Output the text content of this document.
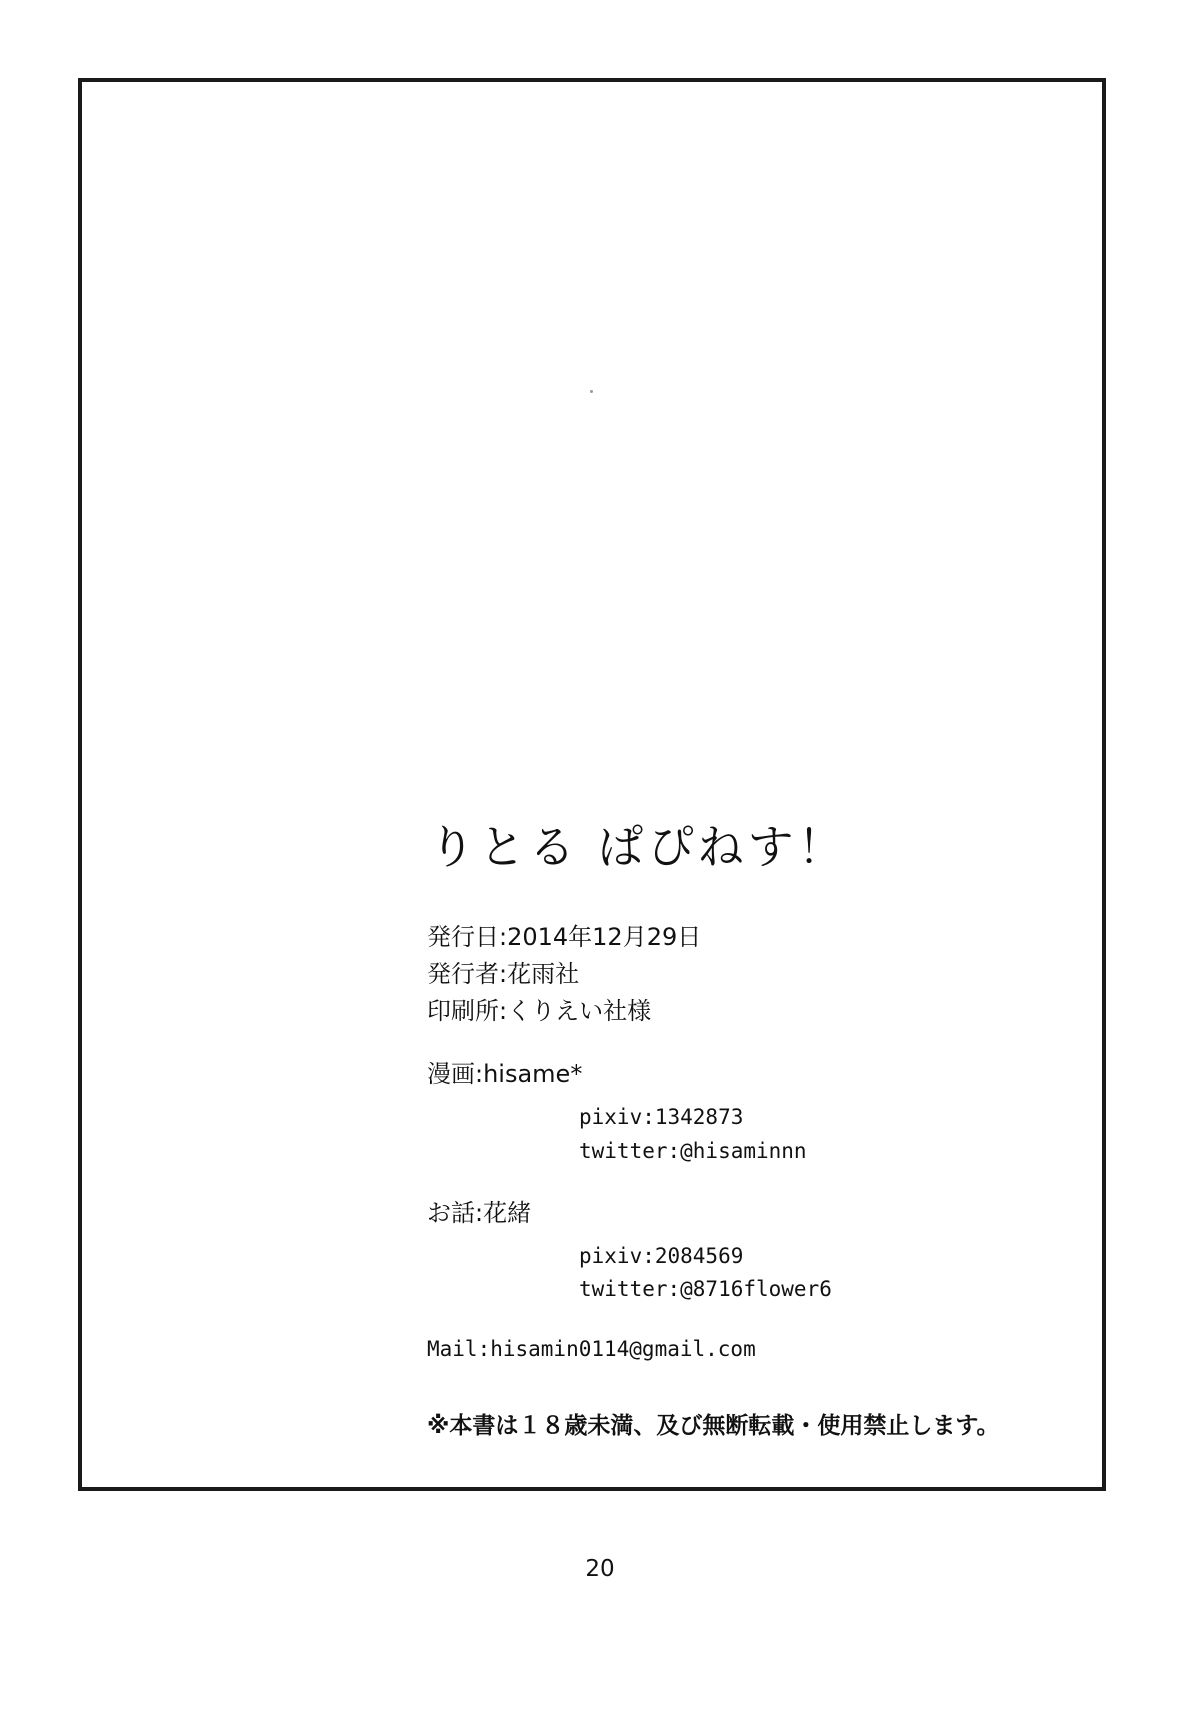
りとる ぱぴねす！
発行日:2014年12月29日
発行者:花雨社
印刷所:くりえい社様
漫画:hisame*
pixiv:1342873
twitter:@hisaminnn
お話:花緒
pixiv:2084569
twitter:@8716flower6
Mail:hisamin0114@gmail.com
※本書は１８歳未満、及び無断転載・使用禁止します。
20
